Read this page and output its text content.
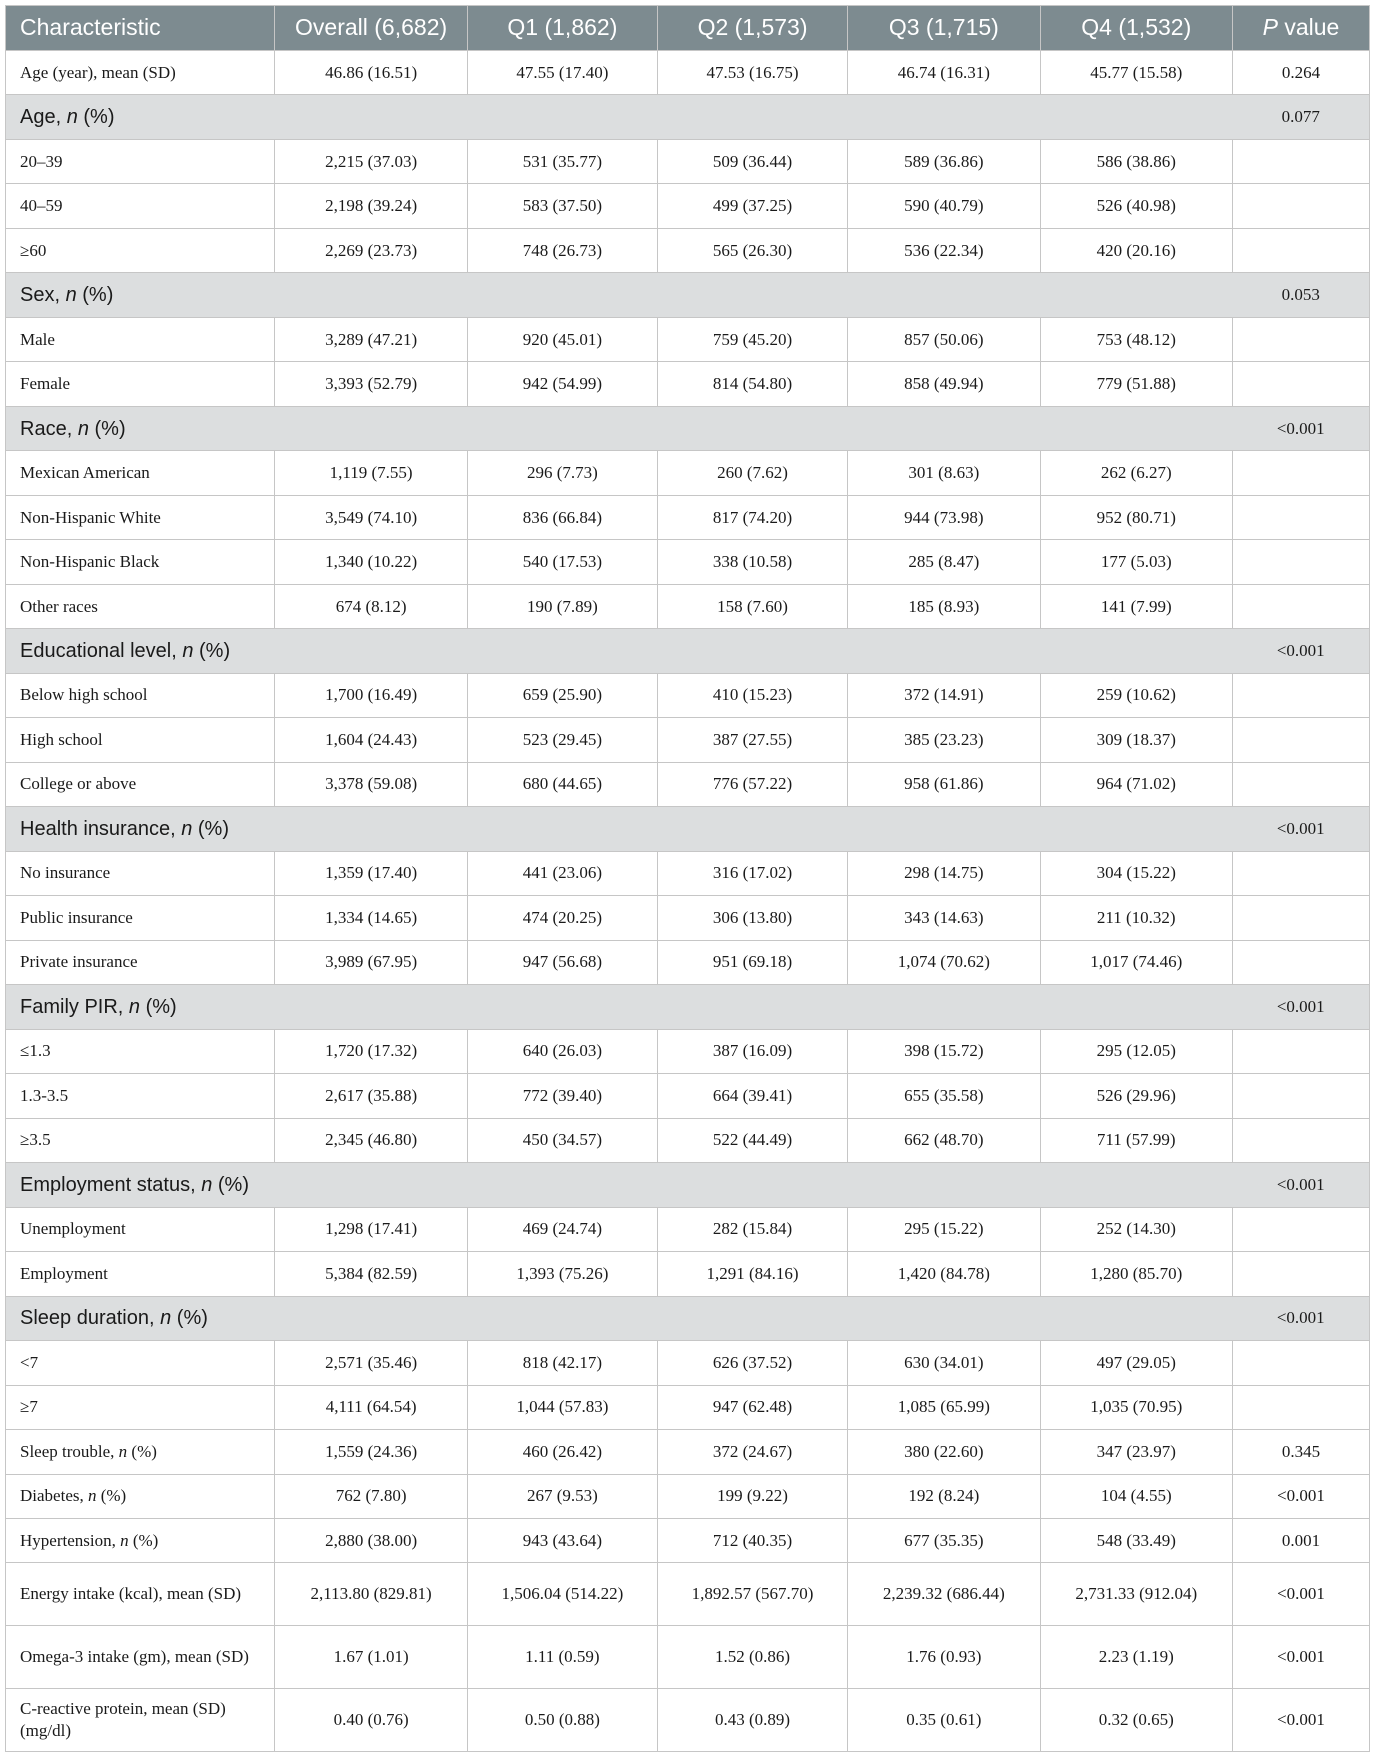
Characteristic	Overall (6,682)	Q1 (1,862)	Q2 (1,573)	Q3 (1,715)	Q4 (1,532)	P value
Age (year), mean (SD)	46.86 (16.51)	47.55 (17.40)	47.53 (16.75)	46.74 (16.31)	45.77 (15.58)	0.264
Age, n (%)						0.077
20–39	2,215 (37.03)	531 (35.77)	509 (36.44)	589 (36.86)	586 (38.86)	
40–59	2,198 (39.24)	583 (37.50)	499 (37.25)	590 (40.79)	526 (40.98)	
≥60	2,269 (23.73)	748 (26.73)	565 (26.30)	536 (22.34)	420 (20.16)	
Sex, n (%)						0.053
Male	3,289 (47.21)	920 (45.01)	759 (45.20)	857 (50.06)	753 (48.12)	
Female	3,393 (52.79)	942 (54.99)	814 (54.80)	858 (49.94)	779 (51.88)	
Race, n (%)						<0.001
Mexican American	1,119 (7.55)	296 (7.73)	260 (7.62)	301 (8.63)	262 (6.27)	
Non-Hispanic White	3,549 (74.10)	836 (66.84)	817 (74.20)	944 (73.98)	952 (80.71)	
Non-Hispanic Black	1,340 (10.22)	540 (17.53)	338 (10.58)	285 (8.47)	177 (5.03)	
Other races	674 (8.12)	190 (7.89)	158 (7.60)	185 (8.93)	141 (7.99)	
Educational level, n (%)						<0.001
Below high school	1,700 (16.49)	659 (25.90)	410 (15.23)	372 (14.91)	259 (10.62)	
High school	1,604 (24.43)	523 (29.45)	387 (27.55)	385 (23.23)	309 (18.37)	
College or above	3,378 (59.08)	680 (44.65)	776 (57.22)	958 (61.86)	964 (71.02)	
Health insurance, n (%)						<0.001
No insurance	1,359 (17.40)	441 (23.06)	316 (17.02)	298 (14.75)	304 (15.22)	
Public insurance	1,334 (14.65)	474 (20.25)	306 (13.80)	343 (14.63)	211 (10.32)	
Private insurance	3,989 (67.95)	947 (56.68)	951 (69.18)	1,074 (70.62)	1,017 (74.46)	
Family PIR, n (%)						<0.001
≤1.3	1,720 (17.32)	640 (26.03)	387 (16.09)	398 (15.72)	295 (12.05)	
1.3-3.5	2,617 (35.88)	772 (39.40)	664 (39.41)	655 (35.58)	526 (29.96)	
≥3.5	2,345 (46.80)	450 (34.57)	522 (44.49)	662 (48.70)	711 (57.99)	
Employment status, n (%)						<0.001
Unemployment	1,298 (17.41)	469 (24.74)	282 (15.84)	295 (15.22)	252 (14.30)	
Employment	5,384 (82.59)	1,393 (75.26)	1,291 (84.16)	1,420 (84.78)	1,280 (85.70)	
Sleep duration, n (%)						<0.001
<7	2,571 (35.46)	818 (42.17)	626 (37.52)	630 (34.01)	497 (29.05)	
≥7	4,111 (64.54)	1,044 (57.83)	947 (62.48)	1,085 (65.99)	1,035 (70.95)	
Sleep trouble, n (%)	1,559 (24.36)	460 (26.42)	372 (24.67)	380 (22.60)	347 (23.97)	0.345
Diabetes, n (%)	762 (7.80)	267 (9.53)	199 (9.22)	192 (8.24)	104 (4.55)	<0.001
Hypertension, n (%)	2,880 (38.00)	943 (43.64)	712 (40.35)	677 (35.35)	548 (33.49)	0.001
Energy intake (kcal), mean (SD)	2,113.80 (829.81)	1,506.04 (514.22)	1,892.57 (567.70)	2,239.32 (686.44)	2,731.33 (912.04)	<0.001
Omega-3 intake (gm), mean (SD)	1.67 (1.01)	1.11 (0.59)	1.52 (0.86)	1.76 (0.93)	2.23 (1.19)	<0.001
C-reactive protein, mean (SD) (mg/dl)	0.40 (0.76)	0.50 (0.88)	0.43 (0.89)	0.35 (0.61)	0.32 (0.65)	<0.001
